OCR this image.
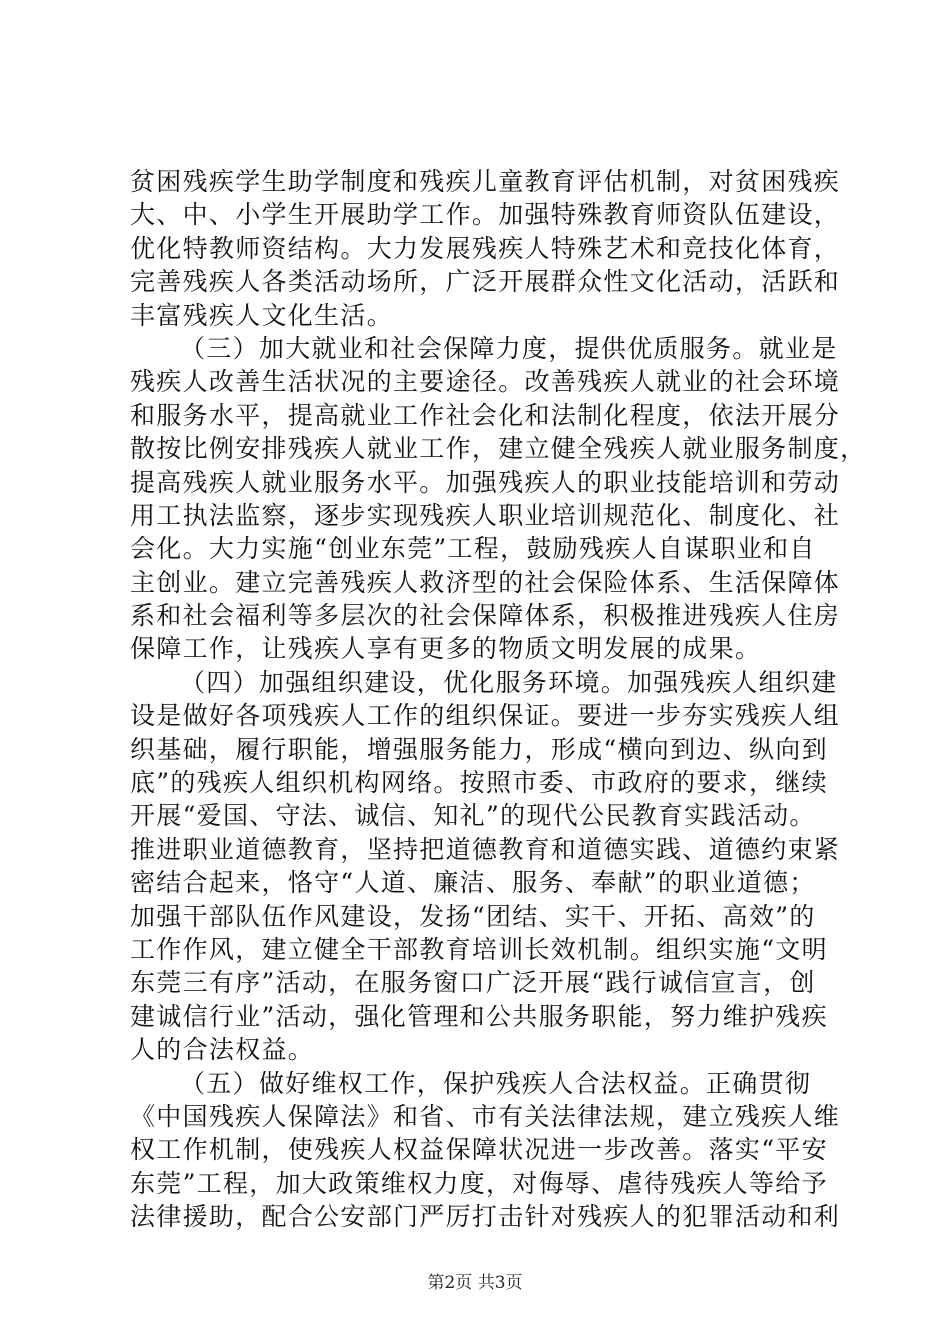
贫困残疾学生助学制度和残疾儿童教育评估机制，对贫困残疾
大、中、小学生开展助学工作。加强特殊教育师资队伍建设，
优化特教师资结构。大力发展残疾人特殊艺术和竞技化体育，
完善残疾人各类活动场所，广泛开展群众性文化活动，活跃和
丰富残疾人文化生活。
（三）加大就业和社会保障力度，提供优质服务。就业是
残疾人改善生活状况的主要途径。改善残疾人就业的社会环境
和服务水平，提高就业工作社会化和法制化程度，依法开展分
散按比例安排残疾人就业工作，建立健全残疾人就业服务制度，
提高残疾人就业服务水平。加强残疾人的职业技能培训和劳动
用工执法监察，逐步实现残疾人职业培训规范化、制度化、社
会化。大力实施“创业东莞”工程，鼓励残疾人自谋职业和自
主创业。建立完善残疾人救济型的社会保险体系、生活保障体
系和社会福利等多层次的社会保障体系，积极推进残疾人住房
保障工作，让残疾人享有更多的物质文明发展的成果。
（四）加强组织建设，优化服务环境。加强残疾人组织建
设是做好各项残疾人工作的组织保证。要进一步夯实残疾人组
织基础，履行职能，增强服务能力，形成“横向到边、纵向到
底”的残疾人组织机构网络。按照市委、市政府的要求，继续
开展“爱国、守法、诚信、知礼”的现代公民教育实践活动。
推进职业道德教育，坚持把道德教育和道德实践、道德约束紧
密结合起来，恪守“人道、廉洁、服务、奉献”的职业道德；
加强干部队伍作风建设，发扬“团结、实干、开拓、高效”的
工作作风，建立健全干部教育培训长效机制。组织实施“文明
东莞三有序”活动，在服务窗口广泛开展“践行诚信宣言，创
建诚信行业”活动，强化管理和公共服务职能，努力维护残疾
人的合法权益。
（五）做好维权工作，保护残疾人合法权益。正确贯彻
《中国残疾人保障法》和省、市有关法律法规，建立残疾人维
权工作机制，使残疾人权益保障状况进一步改善。落实“平安
东莞”工程，加大政策维权力度，对侮辱、虐待残疾人等给予
法律援助，配合公安部门严厉打击针对残疾人的犯罪活动和利
第2页 共3页
